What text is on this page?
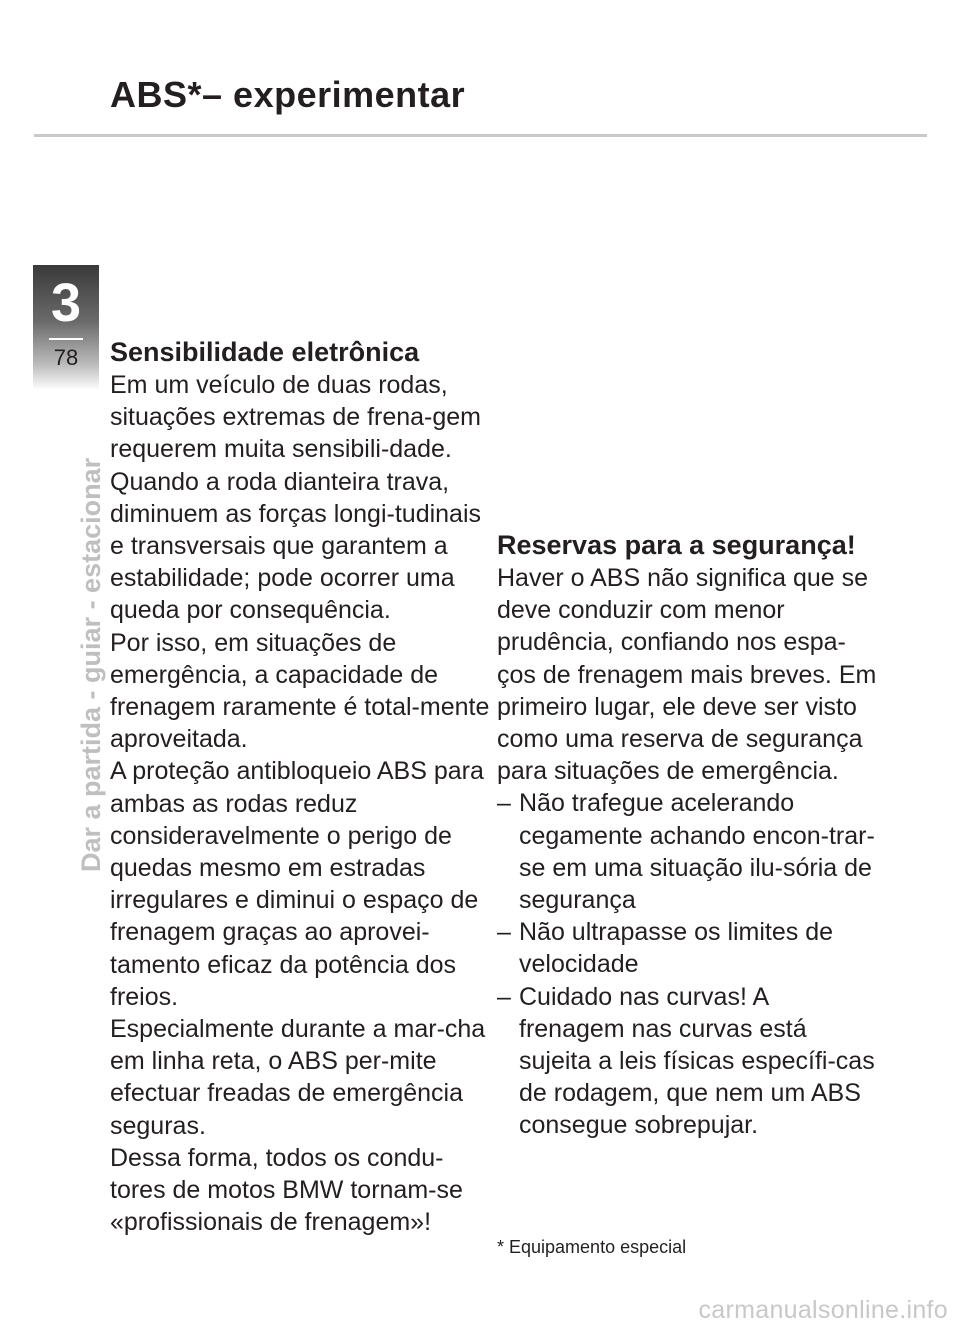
ABS*– experimentar
3
78
Dar a partida - guiar - estacionar
Sensibilidade eletrônica

Em um veículo de duas rodas, situações extremas de frena-gem requerem muita sensibili-dade. Quando a roda dianteira trava, diminuem as forças longi-tudinais e transversais que garantem a estabilidade; pode ocorrer uma queda por consequência.

Por isso, em situações de emergência, a capacidade de frenagem raramente é total-mente aproveitada.

A proteção antibloqueio ABS para ambas as rodas reduz consideravelmente o perigo de quedas mesmo em estradas irregulares e diminui o espaço de frenagem graças ao aprovei-tamento eficaz da potência dos freios.

Especialmente durante a mar-cha em linha reta, o ABS per-mite efectuar freadas de emergência seguras.

Dessa forma, todos os condu-tores de motos BMW tornam-se «profissionais de frenagem»!

Reservas para a segurança!

Haver o ABS não significa que se deve conduzir com menor prudência, confiando nos espa-ços de frenagem mais breves. Em primeiro lugar, ele deve ser visto como uma reserva de segurança para situações de emergência.

– Não trafegue acelerando cegamente achando encon-trar-se em uma situação ilu-sória de segurança
– Não ultrapasse os limites de velocidade
– Cuidado nas curvas! A frenagem nas curvas está sujeita a leis físicas específi-cas de rodagem, que nem um ABS consegue sobrepujar.
* Equipamento especial
carmanualsonline.info
